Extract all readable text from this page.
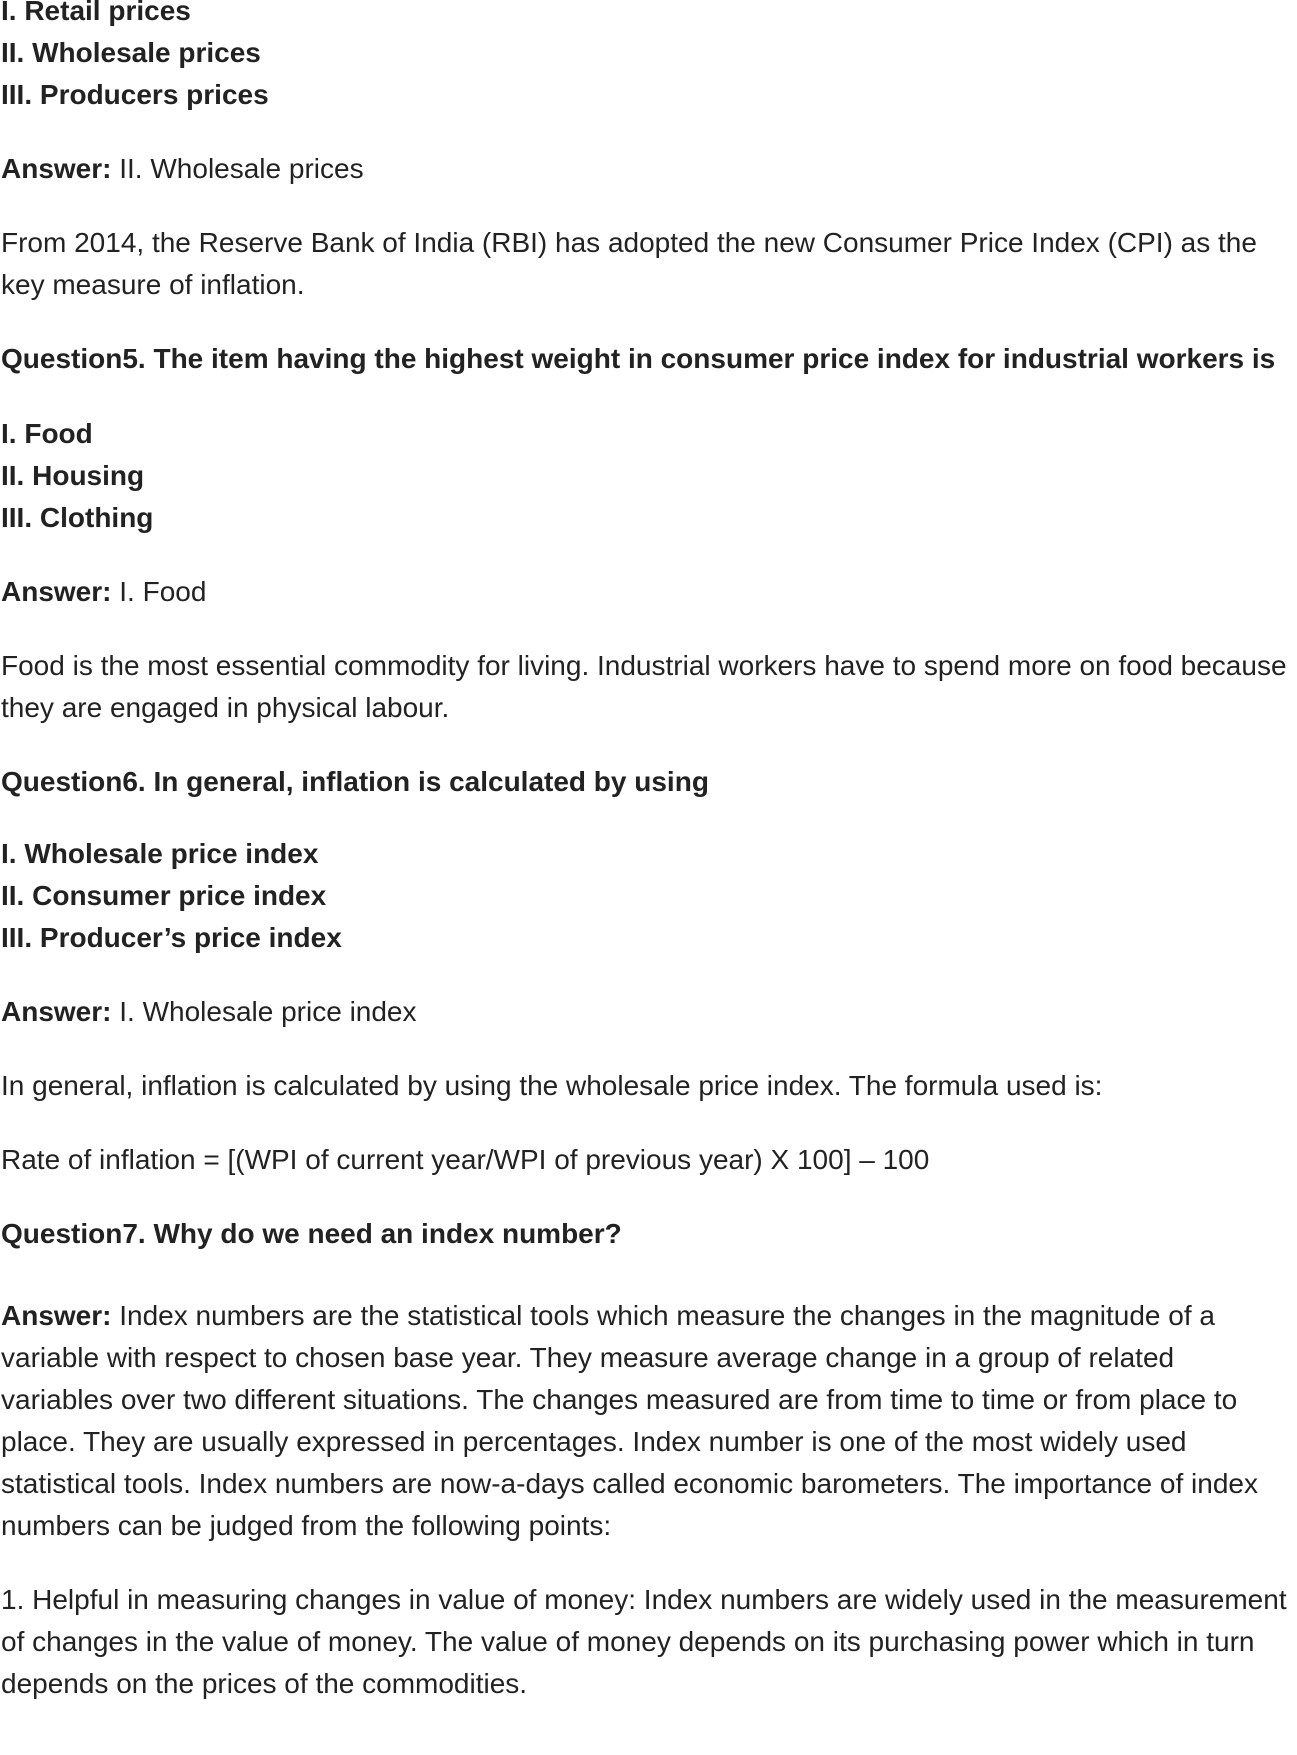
I. Retail prices
II. Wholesale prices
III. Producers prices
Answer: II. Wholesale prices
From 2014, the Reserve Bank of India (RBI) has adopted the new Consumer Price Index (CPI) as the key measure of inflation.
Question5. The item having the highest weight in consumer price index for industrial workers is
I. Food
II. Housing
III. Clothing
Answer: I. Food
Food is the most essential commodity for living. Industrial workers have to spend more on food because they are engaged in physical labour.
Question6. In general, inflation is calculated by using
I. Wholesale price index
II. Consumer price index
III. Producer’s price index
Answer: I. Wholesale price index
In general, inflation is calculated by using the wholesale price index. The formula used is:
Rate of inflation = [(WPI of current year/WPI of previous year) X 100] – 100
Question7. Why do we need an index number?
Answer: Index numbers are the statistical tools which measure the changes in the magnitude of a variable with respect to chosen base year. They measure average change in a group of related variables over two different situations. The changes measured are from time to time or from place to place. They are usually expressed in percentages. Index number is one of the most widely used statistical tools. Index numbers are now-a-days called economic barometers. The importance of index numbers can be judged from the following points:
1. Helpful in measuring changes in value of money: Index numbers are widely used in the measurement of changes in the value of money. The value of money depends on its purchasing power which in turn depends on the prices of the commodities.
